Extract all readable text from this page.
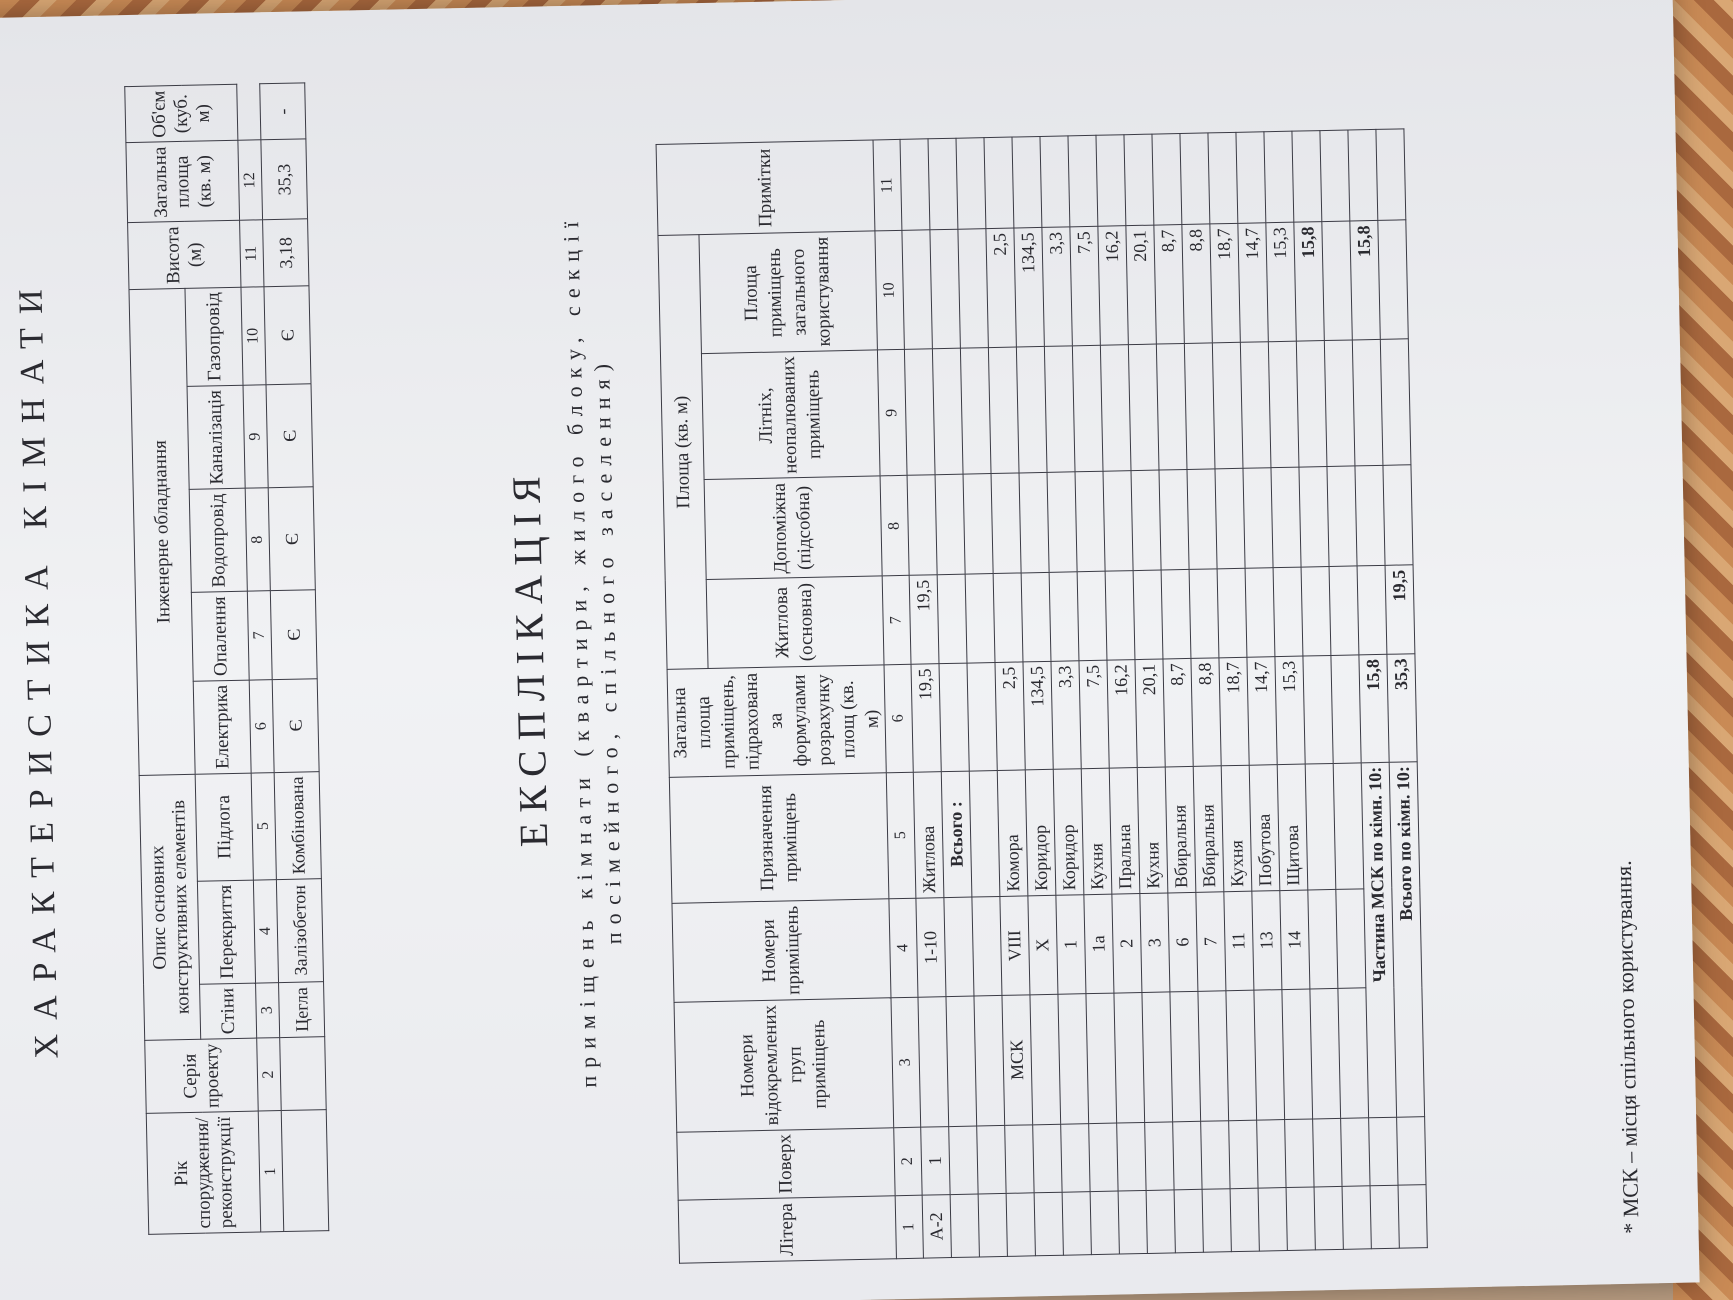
ХАРАКТЕРИСТИКА КІМНАТИ
Рік спорудження/реконструкції	Серія проекту	Опис основних конструктивних елементів			Інженерне обладнання					Висота (м)	Загальна площа (кв. м)	Об'єм (куб. м)
		Стіни	Перекриття	Підлога	Електрика	Опалення	Водопровід	Каналізація	Газопровід			
1	2	3	4	5	6	7	8	9	10	11	12	
		Цегла	Залізобетон	Комбінована	Є	Є	Є	Є	Є	3,18	35,3	-
ЕКСПЛІКАЦІЯ приміщень кімнати (квартири, жилого блоку, секції посімейного, спільного заселення)
Літера	Поверх	Номери відокремлених груп приміщень	Номери приміщень	Призначення приміщень	Загальна площа приміщень, підрахована за формулами розрахунку площ (кв. м)	Площа (кв. м)				Примітки
						Житлова (основна)	Допоміжна (підсобна)	Літніх, неопалюваних приміщень	Площа приміщень загального користування	
1	2	3	4	5	6	7	8	9	10	11
А-2	1		1-10	Житлова	19,5	19,5				
				Всього :						

		МСК	VIII	Комора	2,5				2,5	
			X	Коридор	134,5				134,5	
			1	Коридор	3,3				3,3	
			1а	Кухня	7,5				7,5	
			2	Пральна	16,2				16,2	
			3	Кухня	20,1				20,1	
			6	Вбиральня	8,7				8,7	
			7	Вбиральня	8,8				8,8	
			11	Кухня	18,7				18,7	
			13	Побутова	14,7				14,7	
			14	Щитова	15,3				15,3	
									15,8	

		Частина МСК по кімн. 10:			15,8				15,8	
		Всього по кімн. 10:			35,3	19,5				
* МСК – місця спільного користування.
